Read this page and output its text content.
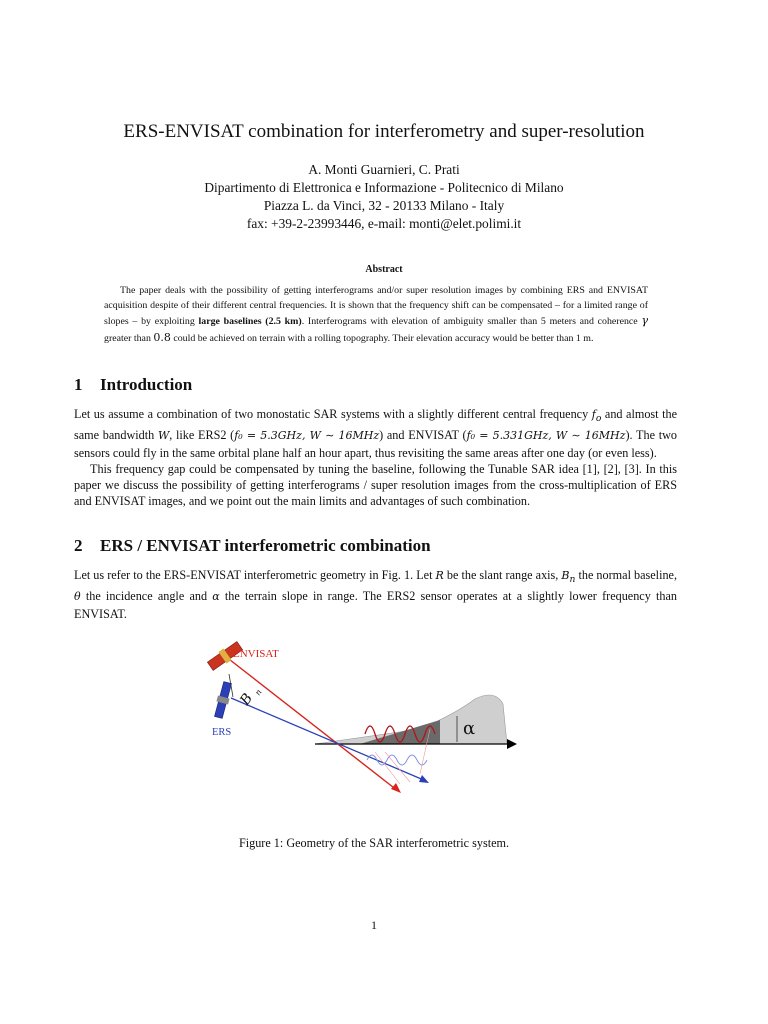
ERS-ENVISAT combination for interferometry and super-resolution
A. Monti Guarnieri, C. Prati
Dipartimento di Elettronica e Informazione - Politecnico di Milano
Piazza L. da Vinci, 32 - 20133 Milano - Italy
fax: +39-2-23993446, e-mail: monti@elet.polimi.it
Abstract

The paper deals with the possibility of getting interferograms and/or super resolution images by combining ERS and ENVISAT acquisition despite of their different central frequencies. It is shown that the frequency shift can be compensated – for a limited range of slopes – by exploiting large baselines (2.5 km). Interferograms with elevation of ambiguity smaller than 5 meters and coherence γ greater than 0.8 could be achieved on terrain with a rolling topography. Their elevation accuracy would be better than 1 m.

1 Introduction

Let us assume a combination of two monostatic SAR systems with a slightly different central frequency $f_o$ and almost the same bandwidth W, like ERS2 (f₀ = 5.3GHz, W ∼ 16MHz) and ENVISAT (f₀ = 5.331GHz, W ∼ 16MHz). The two sensors could fly in the same orbital plane half an hour apart, thus revisiting the same areas after one day (or even less).

This frequency gap could be compensated by tuning the baseline, following the Tunable SAR idea [1], [2], [3]. In this paper we discuss the possibility of getting interferograms / super resolution images from the cross-multiplication of ERS and ENVISAT images, and we point out the main limits and advantages of such combination.

2 ERS / ENVISAT interferometric combination

Let us refer to the ERS-ENVISAT interferometric geometry in Fig. 1. Let R be the slant range axis, $B_n$ the normal baseline, θ the incidence angle and α the terrain slope in range. The ERS2 sensor operates at a slightly lower frequency than ENVISAT.

α
ENVISAT
ERS
B
n
Figure 1: Geometry of the SAR interferometric system.
1
